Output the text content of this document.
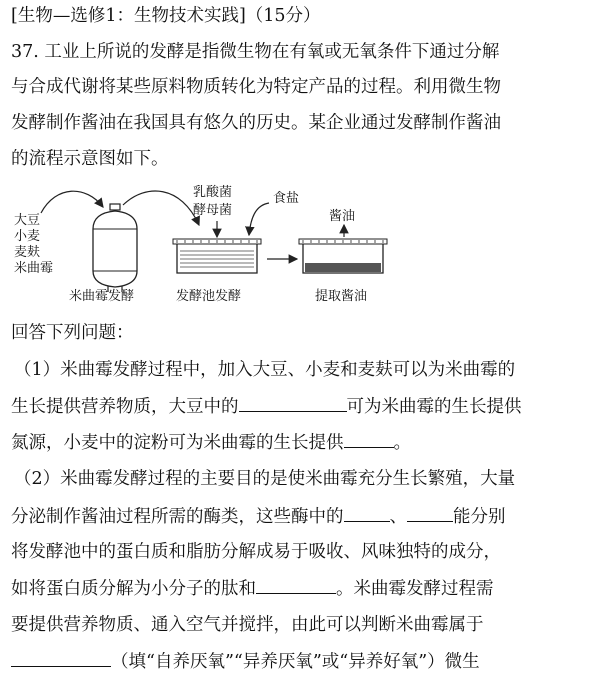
[生物—选修1：生物技术实践]（15分）
37. 工业上所说的发酵是指微生物在有氧或无氧条件下通过分解
与合成代谢将某些原料物质转化为特定产品的过程。利用微生物
发酵制作酱油在我国具有悠久的历史。某企业通过发酵制作酱油
的流程示意图如下。
大豆
小麦
麦麸
米曲霉
乳酸菌
酵母菌
食盐
酱油
米曲霉发酵	发酵池发酵	提取酱油
回答下列问题：
（1）米曲霉发酵过程中，加入大豆、小麦和麦麸可以为米曲霉的
生长提供营养物质，大豆中的	可为米曲霉的生长提供
氮源，小麦中的淀粉可为米曲霉的生长提供	。
（2）米曲霉发酵过程的主要目的是使米曲霉充分生长繁殖，大量
分泌制作酱油过程所需的酶类，这些酶中的	、	能分别
将发酵池中的蛋白质和脂肪分解成易于吸收、风味独特的成分，
如将蛋白质分解为小分子的肽和	。米曲霉发酵过程需
要提供营养物质、通入空气并搅拌，由此可以判断米曲霉属于
（填“自养厌氧”“异养厌氧”或“异养好氧”）微生
